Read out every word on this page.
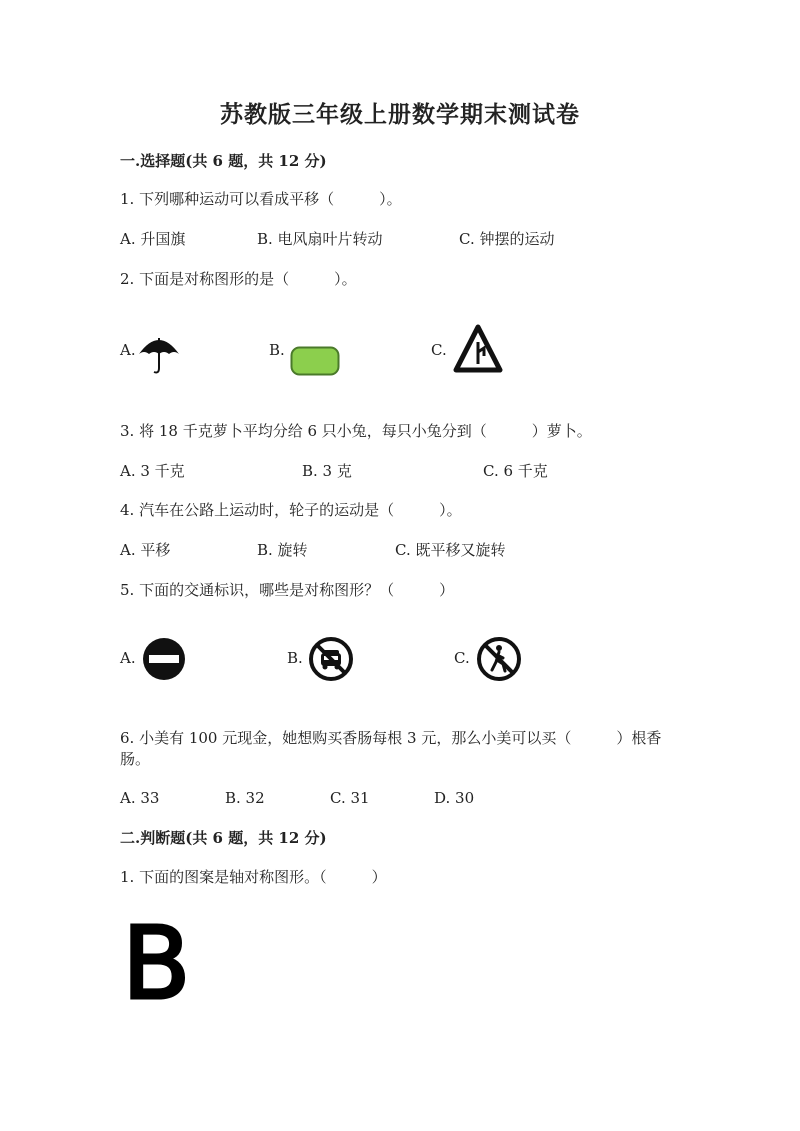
苏教版三年级上册数学期末测试卷
一.选择题(共 6 题，共 12 分)
1. 下列哪种运动可以看成平移（　　　）。
A. 升国旗	B. 电风扇叶片转动	C. 钟摆的运动
2. 下面是对称图形的是（　　　）。
A.	B.	C.
3. 将 18 千克萝卜平均分给 6 只小兔，每只小兔分到（　　　）萝卜。
A. 3 千克	B. 3 克	C. 6 千克
4. 汽车在公路上运动时，轮子的运动是（　　　）。
A. 平移	B. 旋转	C. 既平移又旋转
5. 下面的交通标识，哪些是对称图形？（　　　）
A.	B.	C.
6. 小美有 100 元现金，她想购买香肠每根 3 元，那么小美可以买（　　　）根香
肠。
A. 33	B. 32	C. 31	D. 30
二.判断题(共 6 题，共 12 分)
1. 下面的图案是轴对称图形。（　　　）
B
